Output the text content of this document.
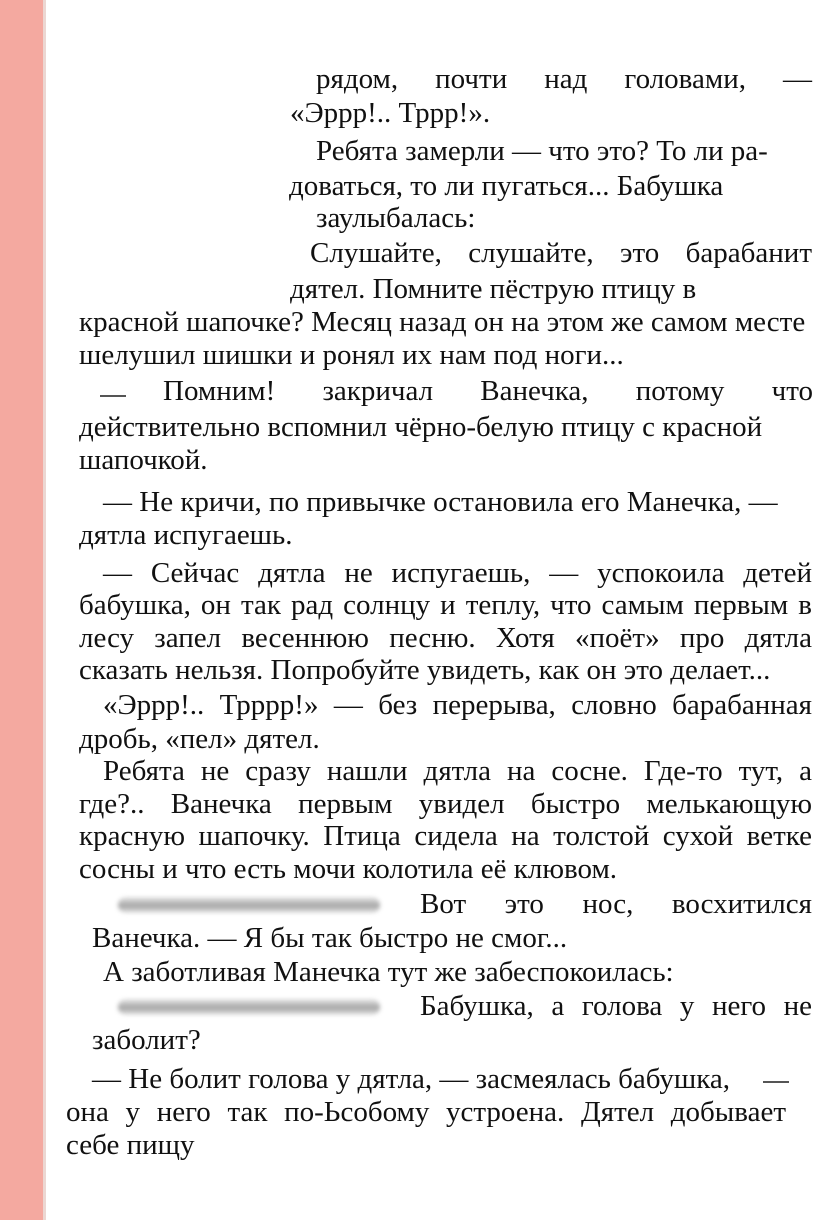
рядом, почти над головами, —
«Эррр!.. Тррр!».
Ребята замерли — что это? То ли ра-
доваться, то ли пугаться... Бабушка
заулыбалась:
Слушайте, слушайте, это барабанит
дятел. Помните пёструю птицу в
красной шапочке? Месяц назад он на этом же самом месте
шелушил шишки и ронял их нам под ноги...
Помним! закричал Ванечка, потому что
действительно вспомнил чёрно-белую птицу с красной
шапочкой.
— Не кричи, по привычке остановила его Манечка, —
дятла испугаешь.
— Сейчас дятла не испугаешь, — успокоила детей
бабушка, он так рад солнцу и теплу, что самым первым в
лесу запел весеннюю песню. Хотя «поёт» про дятла
сказать нельзя. Попробуйте увидеть, как он это делает...
«Эррр!.. Трррр!» — без перерыва, словно барабанная
дробь, «пел» дятел.
Ребята не сразу нашли дятла на сосне. Где-то тут, а
где?.. Ванечка первым увидел быстро мелькающую
красную шапочку. Птица сидела на толстой сухой ветке
сосны и что есть мочи колотила её клювом.
Вот это нос, восхитился
Ванечка. — Я бы так быстро не смог...
А заботливая Манечка тут же забеспокоилась:
Бабушка, а голова у него не
заболит?
— Не болит голова у дятла, — засмеялась бабушка,
она у него так по-Ьсобому устроена. Дятел добывает
себе пищу
